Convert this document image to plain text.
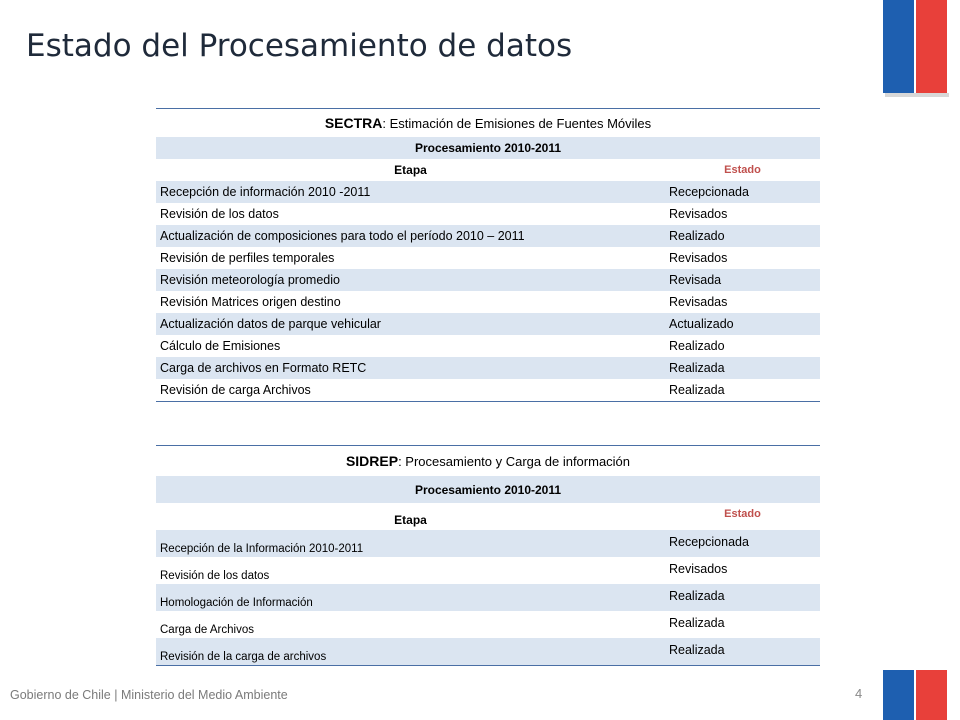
Estado del Procesamiento de datos
SECTRA: Estimación de Emisiones de Fuentes Móviles
Procesamiento 2010-2011
Etapa	Estado
Recepción de información 2010 -2011	Recepcionada
Revisión de los datos	Revisados
Actualización de composiciones para todo el período 2010 – 2011	Realizado
Revisión de perfiles temporales	Revisados
Revisión meteorología promedio	Revisada
Revisión Matrices origen destino	Revisadas
Actualización datos de parque vehicular	Actualizado
Cálculo de Emisiones	Realizado
Carga de archivos en Formato RETC	Realizada
Revisión de carga Archivos	Realizada
SIDREP: Procesamiento y Carga de información
Procesamiento 2010-2011
Etapa	Estado
Recepción de la Información 2010-2011	Recepcionada
Revisión de los datos	Revisados
Homologación de Información	Realizada
Carga de Archivos	Realizada
Revisión de la carga de archivos	Realizada
Gobierno de Chile | Ministerio del Medio Ambiente	4
